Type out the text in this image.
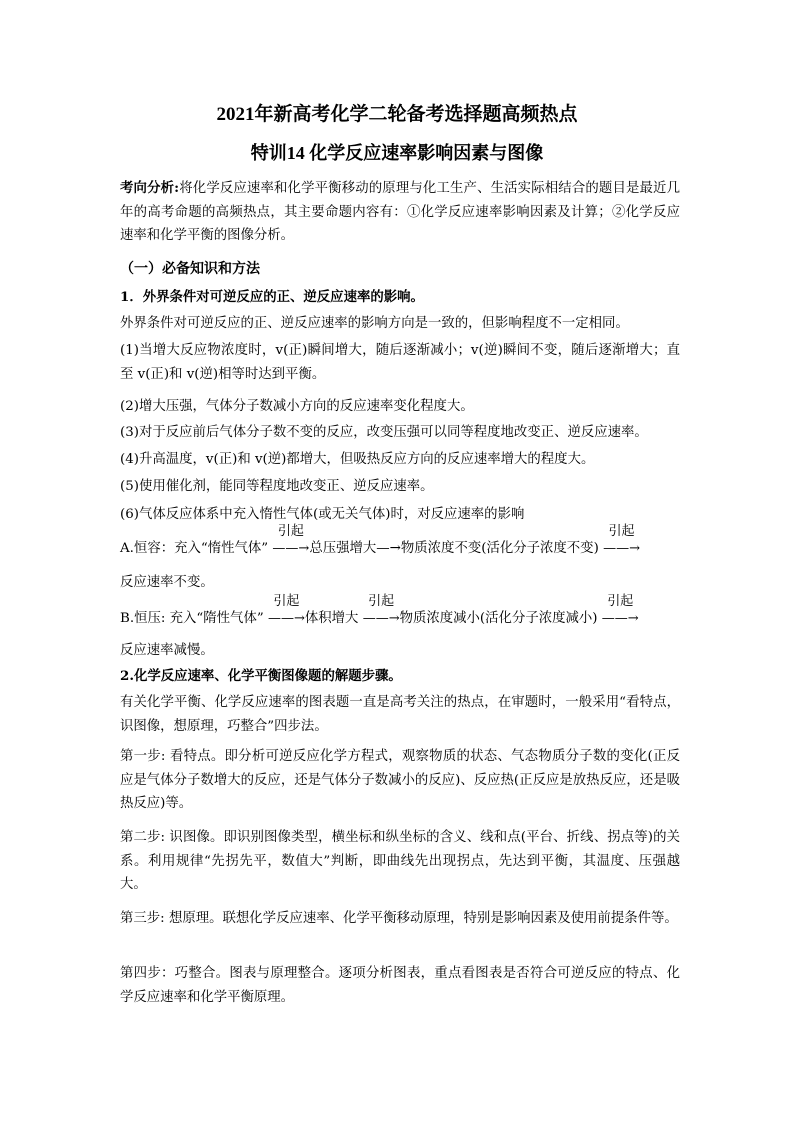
2021年新高考化学二轮备考选择题高频热点
特训14 化学反应速率影响因素与图像
考向分析:将化学反应速率和化学平衡移动的原理与化工生产、生活实际相结合的题目是最近几年的高考命题的高频热点，其主要命题内容有：①化学反应速率影响因素及计算；②化学反应速率和化学平衡的图像分析。
（一）必备知识和方法
1．外界条件对可逆反应的正、逆反应速率的影响。
外界条件对可逆反应的正、逆反应速率的影响方向是一致的，但影响程度不一定相同。
(1)当增大反应物浓度时，v(正)瞬间增大，随后逐渐减小；v(逆)瞬间不变，随后逐渐增大；直至 v(正)和 v(逆)相等时达到平衡。
(2)增大压强，气体分子数减小方向的反应速率变化程度大。
(3)对于反应前后气体分子数不变的反应，改变压强可以同等程度地改变正、逆反应速率。
(4)升高温度，v(正)和 v(逆)都增大，但吸热反应方向的反应速率增大的程度大。
(5)使用催化剂，能同等程度地改变正、逆反应速率。
(6)气体反应体系中充入惰性气体(或无关气体)时，对反应速率的影响
A.恒容：充入“惰性气体”
引起
——→总压强增大—→物质浓度不变(活化分子浓度不变)
引起
——→
反应速率不变。
B.恒压: 充入“隋性气体”
引起
——→体积增大
引起
——→物质浓度减小(活化分子浓度减小)
引起
——→
反应速率减慢。
2.化学反应速率、化学平衡图像题的解题步骤。
有关化学平衡、化学反应速率的图表题一直是高考关注的热点，在审题时，一般采用“看特点，识图像，想原理，巧整合”四步法。
第一步: 看特点。即分析可逆反应化学方程式，观察物质的状态、气态物质分子数的变化(正反应是气体分子数增大的反应，还是气体分子数减小的反应)、反应热(正反应是放热反应，还是吸热反应)等。
第二步: 识图像。即识别图像类型，横坐标和纵坐标的含义、线和点(平台、折线、拐点等)的关系。利用规律“先拐先平，数值大”判断，即曲线先出现拐点，先达到平衡，其温度、压强越大。
第三步: 想原理。联想化学反应速率、化学平衡移动原理，特别是影响因素及使用前提条件等。
第四步：巧整合。图表与原理整合。逐项分析图表，重点看图表是否符合可逆反应的特点、化学反应速率和化学平衡原理。
